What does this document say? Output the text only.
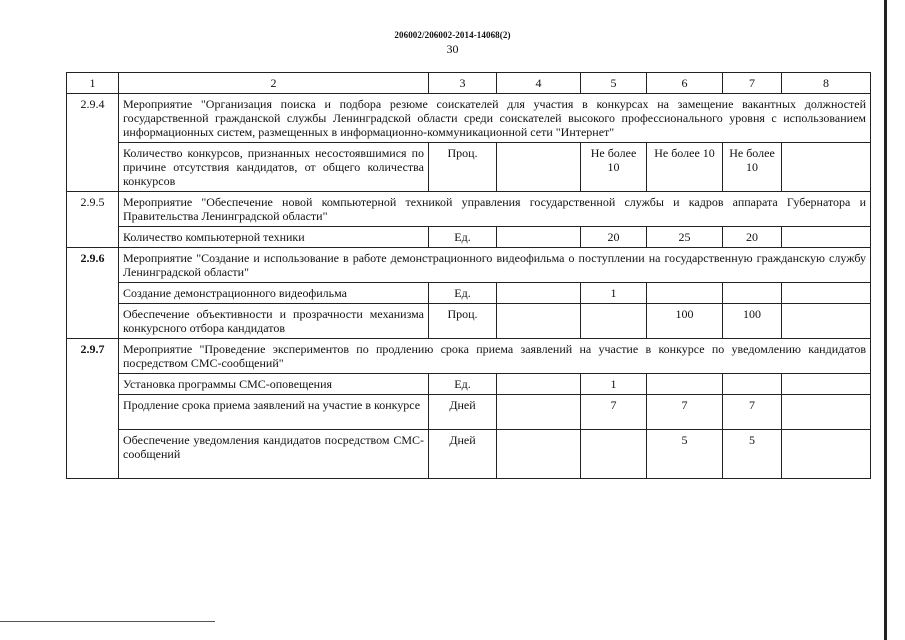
206002/206002-2014-14068(2)
30
1	2	3	4	5	6	7	8
2.9.4	Мероприятие "Организация поиска и подбора резюме соискателей для участия в конкурсах на замещение вакантных должностей государственной гражданской службы Ленинградской области среди соискателей высокого профессионального уровня с использованием информационных систем, размещенных в информационно-коммуникационной сети "Интернет"						
	Количество конкурсов, признанных несостоявшимися по причине отсутствия кандидатов, от общего количества конкурсов	Проц.		Не более 10	Не более 10	Не более 10	
2.9.5	Мероприятие "Обеспечение новой компьютерной техникой управления государственной службы и кадров аппарата Губернатора и Правительства Ленинградской области"						
	Количество компьютерной техники	Ед.		20	25	20	
2.9.6	Мероприятие "Создание и использование в работе демонстрационного видеофильма о поступлении на государственную гражданскую службу Ленинградской области"						
	Создание демонстрационного видеофильма	Ед.		1			
	Обеспечение объективности и прозрачности механизма конкурсного отбора кандидатов	Проц.			100	100	
2.9.7	Мероприятие "Проведение экспериментов по продлению срока приема заявлений на участие в конкурсе по уведомлению кандидатов посредством СМС-сообщений"						
	Установка программы СМС-оповещения	Ед.		1			
	Продление срока приема заявлений на участие в конкурсе	Дней		7	7	7	
	Обеспечение уведомления кандидатов посредством СМС-сообщений	Дней			5	5	
